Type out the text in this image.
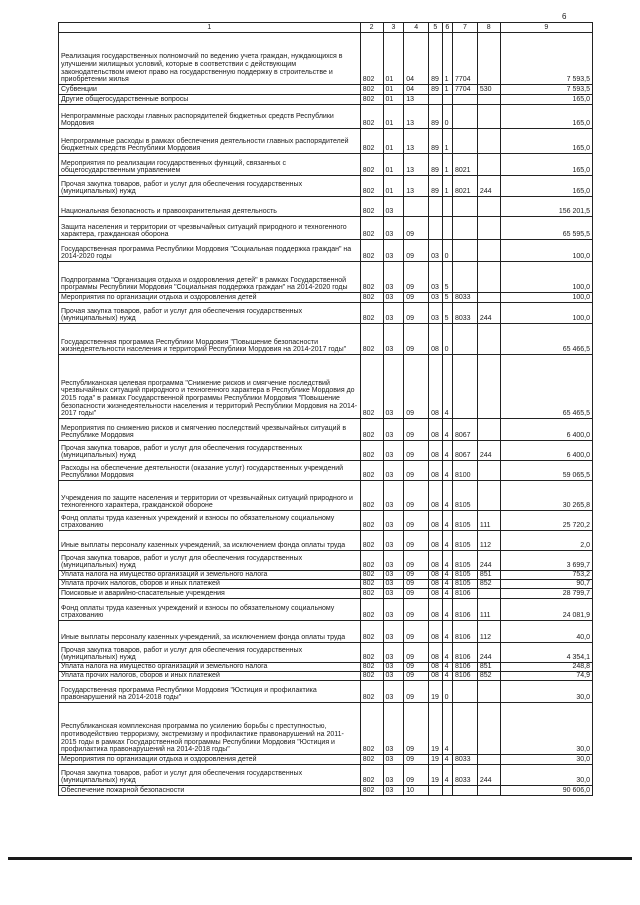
6
1	2	3	4	5	6	7	8	9
Реализация государственных полномочий по ведению учета граждан, нуждающихся в улучшении жилищных условий, которые в соответствии с действующим законодательством имеют право на государственную поддержку в строительстве и приобретении жилья	802	01	04	89	1	7704		7 593,5
Субвенции	802	01	04	89	1	7704	530	7 593,5
Другие общегосударственные вопросы	802	01	13					165,0
Непрограммные расходы главных распорядителей бюджетных средств Республики Мордовия	802	01	13	89	0			165,0
Непрограммные расходы в рамках обеспечения деятельности главных распорядителей бюджетных средств Республики Мордовия	802	01	13	89	1			165,0
Мероприятия по реализации государственных функций, связанных с общегосударственным управлением	802	01	13	89	1	8021		165,0
Прочая закупка товаров, работ и услуг для обеспечения государственных (муниципальных) нужд	802	01	13	89	1	8021	244	165,0
Национальная безопасность и правоохранительная деятельность	802	03						156 201,5
Защита населения и территории от чрезвычайных ситуаций природного и техногенного характера, гражданская оборона	802	03	09					65 595,5
Государственная программа Республики Мордовия "Социальная поддержка граждан" на 2014-2020 годы	802	03	09	03	0			100,0
Подпрограмма "Организация отдыха и оздоровления детей" в рамках Государственной программы Республики Мордовия "Социальная поддержка граждан" на 2014-2020 годы	802	03	09	03	5			100,0
Мероприятия по организации отдыха и оздоровления детей	802	03	09	03	5	8033		100,0
Прочая закупка товаров, работ и услуг для обеспечения государственных (муниципальных) нужд	802	03	09	03	5	8033	244	100,0
Государственная программа Республики Мордовия "Повышение безопасности жизнедеятельности населения и территорий Республики Мордовия на 2014-2017 годы"	802	03	09	08	0			65 466,5
Республиканская целевая программа "Снижение рисков и смягчение последствий чрезвычайных ситуаций природного и техногенного характера в Республике Мордовия до 2015 года" в рамках Государственной программы Республики Мордовия "Повышение безопасности жизнедеятельности населения и территорий Республики Мордовия на 2014-2017 годы"	802	03	09	08	4			65 465,5
Мероприятия по снижению рисков и смягчению последствий чрезвычайных ситуаций в Республике Мордовия	802	03	09	08	4	8067		6 400,0
Прочая закупка товаров, работ и услуг для обеспечения государственных (муниципальных) нужд	802	03	09	08	4	8067	244	6 400,0
Расходы на обеспечение деятельности (оказание услуг) государственных учреждений Республики Мордовия	802	03	09	08	4	8100		59 065,5
Учреждения по защите населения и территории от чрезвычайных ситуаций природного и техногенного характера, гражданской обороне	802	03	09	08	4	8105		30 265,8
Фонд оплаты труда казенных учреждений и взносы по обязательному социальному страхованию	802	03	09	08	4	8105	111	25 720,2
Иные выплаты персоналу казенных учреждений, за исключением фонда оплаты труда	802	03	09	08	4	8105	112	2,0
Прочая закупка товаров, работ и услуг для обеспечения государственных (муниципальных) нужд	802	03	09	08	4	8105	244	3 699,7
Уплата налога на имущество организаций и земельного налога	802	03	09	08	4	8105	851	753,2
Уплата прочих налогов, сборов и иных платежей	802	03	09	08	4	8105	852	90,7
Поисковые и аварийно-спасательные учреждения	802	03	09	08	4	8106		28 799,7
Фонд оплаты труда казенных учреждений и взносы по обязательному социальному страхованию	802	03	09	08	4	8106	111	24 081,9
Иные выплаты персоналу казенных учреждений, за исключением фонда оплаты труда	802	03	09	08	4	8106	112	40,0
Прочая закупка товаров, работ и услуг для обеспечения государственных (муниципальных) нужд	802	03	09	08	4	8106	244	4 354,1
Уплата налога на имущество организаций и земельного налога	802	03	09	08	4	8106	851	248,8
Уплата прочих налогов, сборов и иных платежей	802	03	09	08	4	8106	852	74,9
Государственная программа Республики Мордовия "Юстиция и профилактика правонарушений на 2014-2018 годы"	802	03	09	19	0			30,0
Республиканская комплексная программа по усилению борьбы с преступностью, противодействию терроризму, экстремизму и профилактике правонарушений на 2011-2015 годы в рамках Государственной программы Республики Мордовия "Юстиция и профилактика правонарушений на 2014-2018 годы"	802	03	09	19	4			30,0
Мероприятия по организации отдыха и оздоровления детей	802	03	09	19	4	8033		30,0
Прочая закупка товаров, работ и услуг для обеспечения государственных (муниципальных) нужд	802	03	09	19	4	8033	244	30,0
Обеспечение пожарной безопасности	802	03	10					90 606,0
